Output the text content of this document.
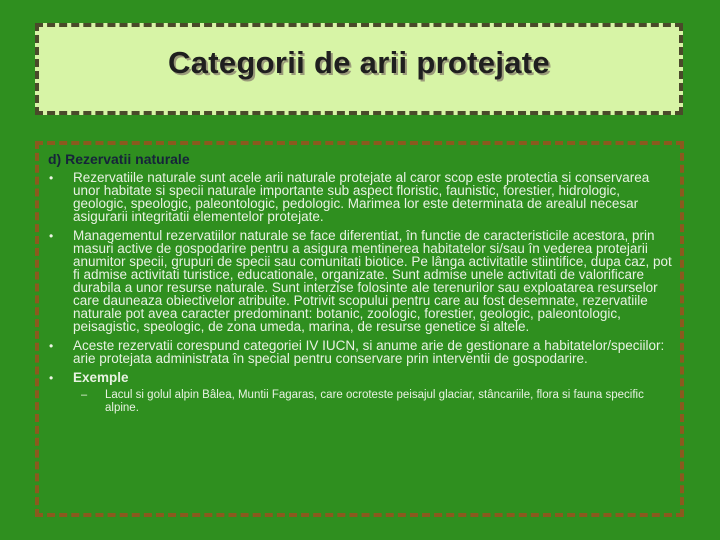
Categorii de arii protejate
d) Rezervatii naturale
• Rezervatiile naturale sunt acele arii naturale protejate al caror scop este protectia si conservarea unor habitate si specii naturale importante sub aspect floristic, faunistic, forestier, hidrologic, geologic, speologic, paleontologic, pedologic. Marimea lor este determinata de arealul necesar asigurarii integritatii elementelor protejate.
• Managementul rezervatiilor naturale se face diferentiat, în functie de caracteristicile acestora, prin masuri active de gospodarire pentru a asigura mentinerea habitatelor si/sau în vederea protejarii anumitor specii, grupuri de specii sau comunitati biotice. Pe lânga activitatile stiintifice, dupa caz, pot fi admise activitati turistice, educationale, organizate. Sunt admise unele activitati de valorificare durabila a unor resurse naturale. Sunt interzise folosinte ale terenurilor sau exploatarea resurselor care dauneaza obiectivelor atribuite. Potrivit scopului pentru care au fost desemnate, rezervatiile naturale pot avea caracter predominant: botanic, zoologic, forestier, geologic, paleontologic, peisagistic, speologic, de zona umeda, marina, de resurse genetice si altele.
• Aceste rezervatii corespund categoriei IV IUCN, si anume arie de gestionare a habitatelor/speciilor: arie protejata administrata în special pentru conservare prin interventii de gospodarire.
• Exemple
– Lacul si golul alpin Bâlea, Muntii Fagaras, care ocroteste peisajul glaciar, stâncariile, flora si fauna specific alpine.
